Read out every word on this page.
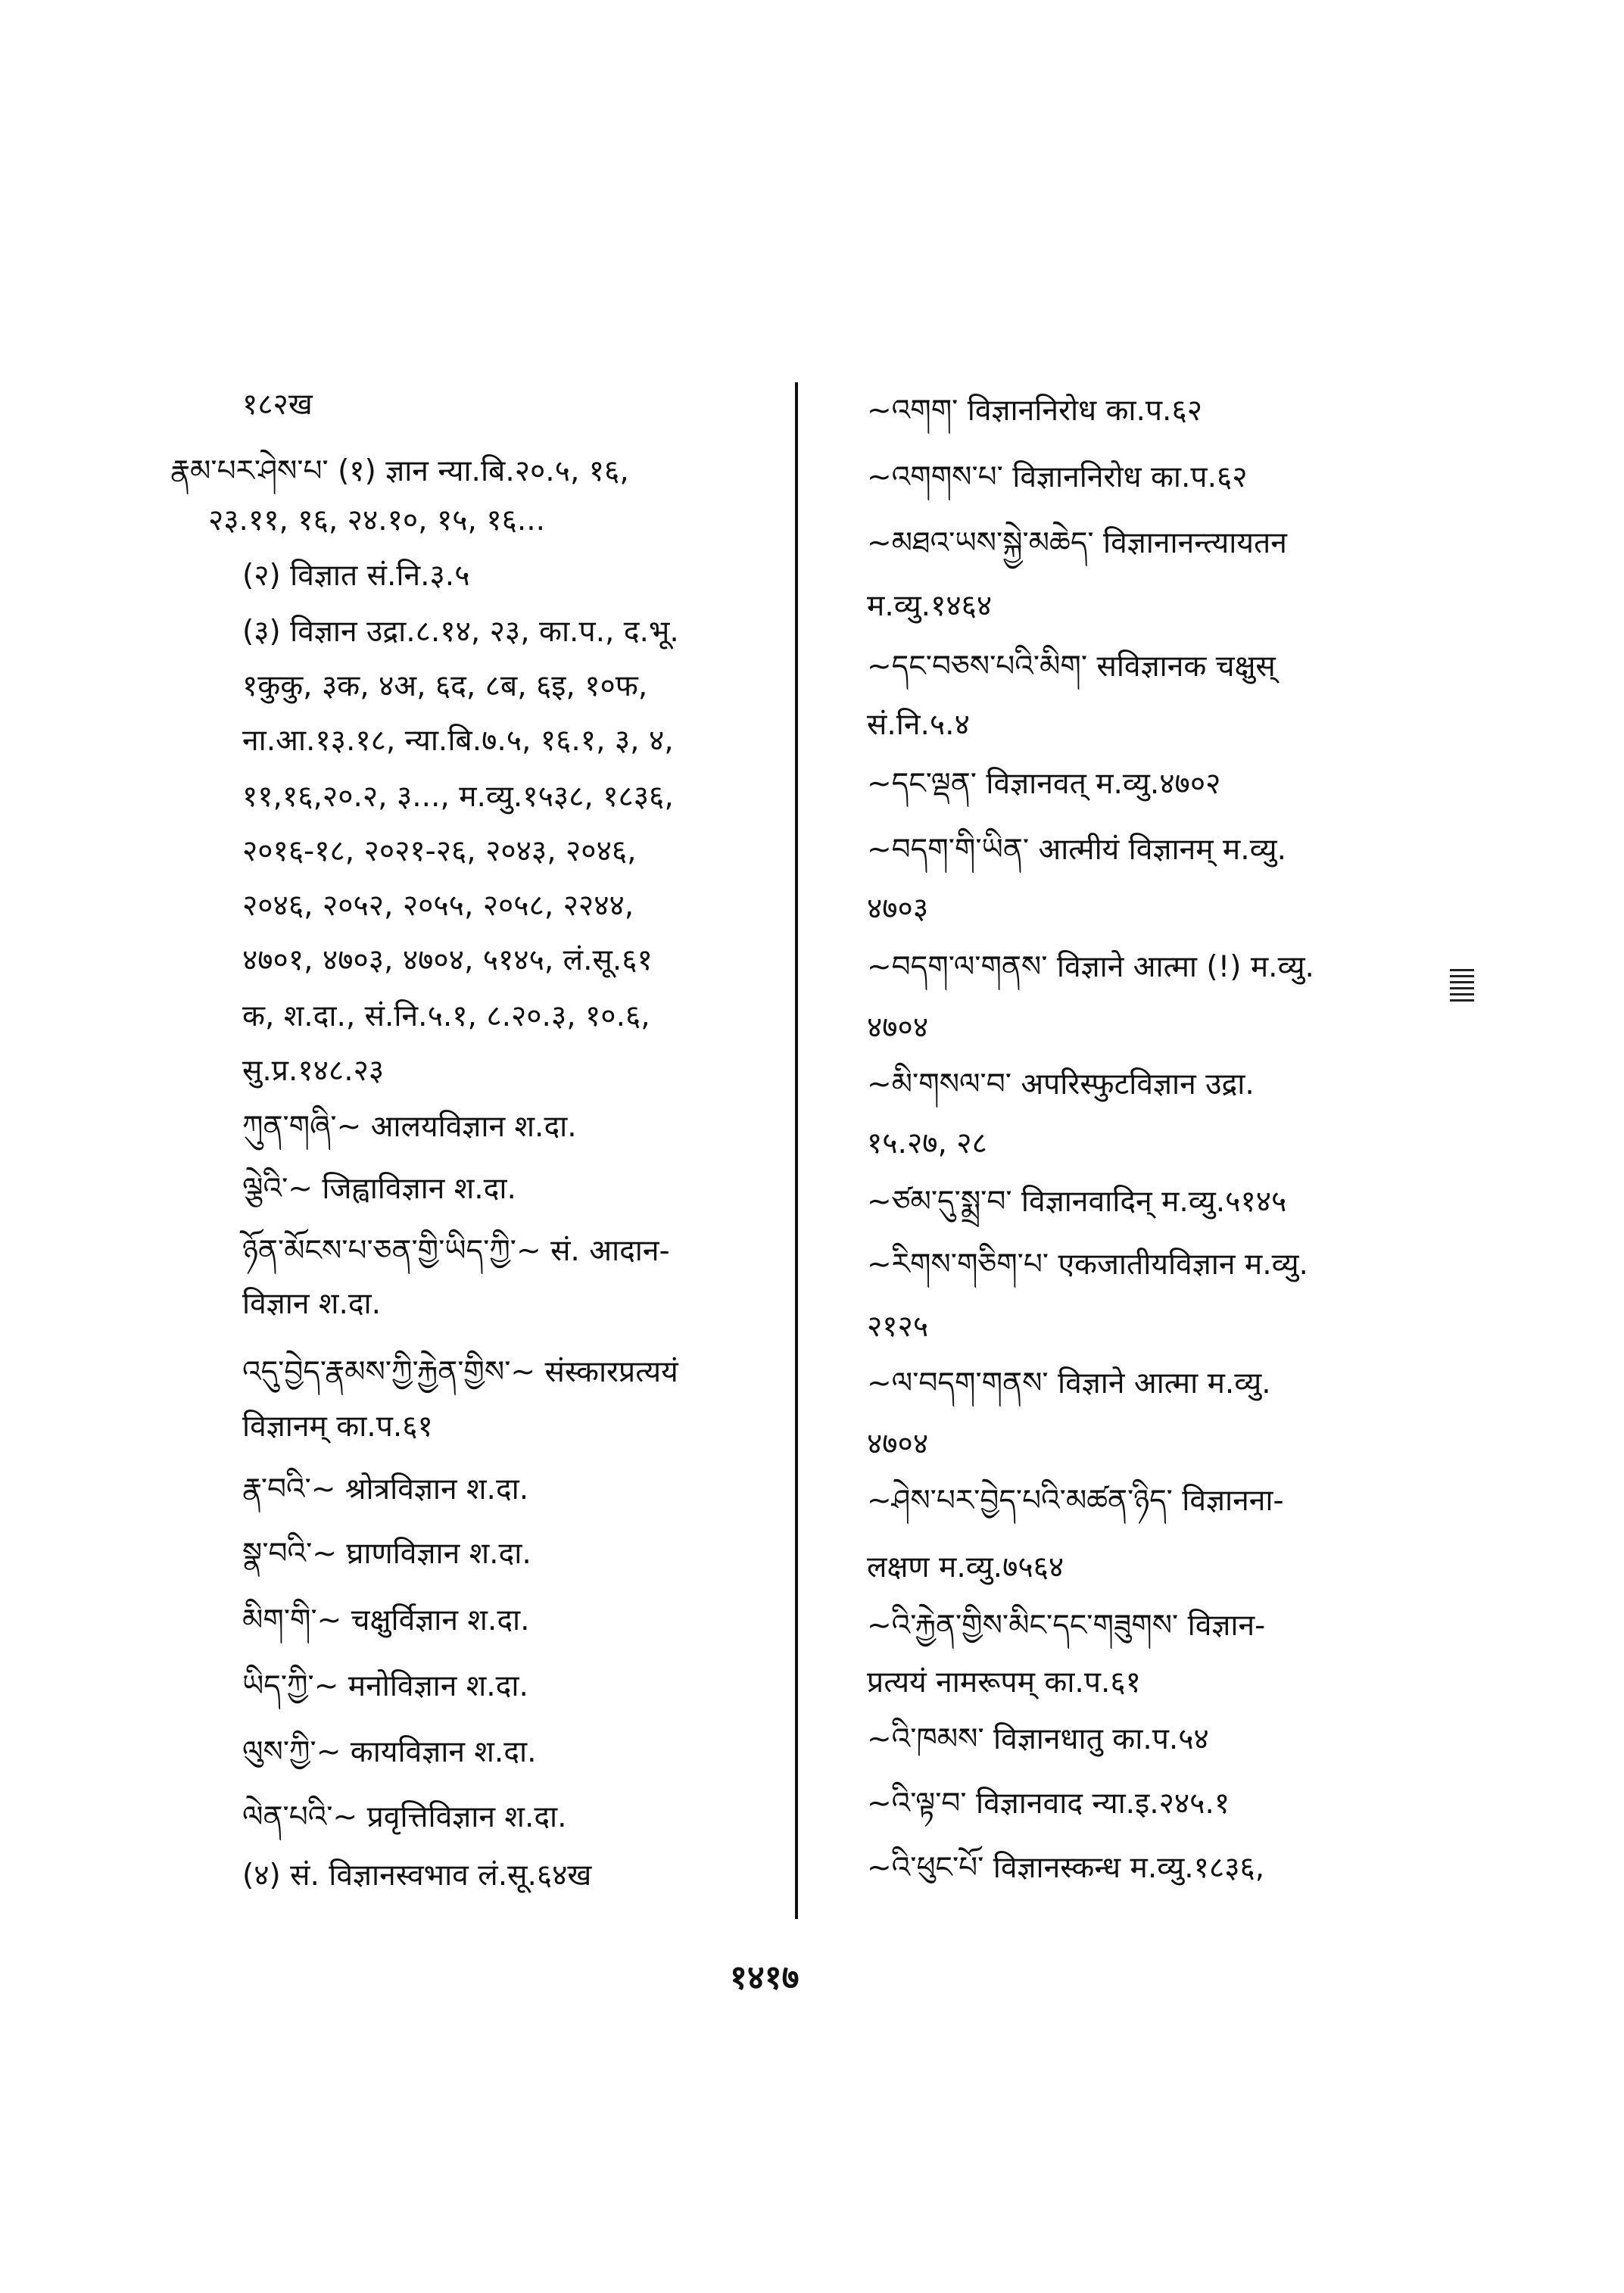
१८२ख
རྣམ་པར་ཤེས་པ་ (१) ज्ञान न्या.बि.२०.५, १६,
२३.११, १६, २४.१०, १५, १६...
(२) विज्ञात सं.नि.३.५
(३) विज्ञान उद्रा.८.१४, २३, का.प., द.भू.
१कुकु, ३क, ४अ, ६द, ८ब, ६इ, १०फ,
ना.आ.१३.१८, न्या.बि.७.५, १६.१, ३, ४,
११,१६,२०.२, ३..., म.व्यु.१५३८, १८३६,
२०१६-१८, २०२१-२६, २०४३, २०४६,
२०४६, २०५२, २०५५, २०५८, २२४४,
४७०१, ४७०३, ४७०४, ५१४५, लं.सू.६१
क, श.दा., सं.नि.५.१, ८.२०.३, १०.६,
सु.प्र.१४८.२३
ཀུན་གཞི་~ आलयविज्ञान श.दा.
ལྕེའི་~ जिह्वाविज्ञान श.दा.
ཉོན་མོངས་པ་ཅན་གྱི་ཡིད་ཀྱི་~ सं. आदान-
विज्ञान श.दा.
འདུ་བྱེད་རྣམས་ཀྱི་རྐྱེན་གྱིས་~ संस्कारप्रत्ययं
विज्ञानम् का.प.६१
རྣ་བའི་~ श्रोत्रविज्ञान श.दा.
སྣ་བའི་~ घ्राणविज्ञान श.दा.
མིག་གི་~ चक्षुर्विज्ञान श.दा.
ཡིད་ཀྱི་~ मनोविज्ञान श.दा.
ལུས་ཀྱི་~ कायविज्ञान श.दा.
ལེན་པའི་~ प्रवृत्तिविज्ञान श.दा.
(४) सं. विज्ञानस्वभाव लं.सू.६४ख
~འགག་ विज्ञाननिरोध का.प.६२
~འགགས་པ་ विज्ञाननिरोध का.प.६२
~མཐའ་ཡས་སྐྱེ་མཆེད་ विज्ञानानन्त्यायतन
म.व्यु.१४६४
~དང་བཅས་པའི་མིག་ सविज्ञानक चक्षुस्
सं.नि.५.४
~དང་ལྡན་ विज्ञानवत् म.व्यु.४७०२
~བདག་གི་ཡིན་ आत्मीयं विज्ञानम् म.व्यु.
४७०३
~བདག་ལ་གནས་ विज्ञाने आत्मा (!) म.व्यु.
४७०४
~མི་གསལ་བ་ अपरिस्फुटविज्ञान उद्रा.
१५.२७, २८
~ཙམ་དུ་སྨྲ་བ་ विज्ञानवादिन् म.व्यु.५१४५
~རིགས་གཅིག་པ་ एकजातीयविज्ञान म.व्यु.
२१२५
~ལ་བདག་གནས་ विज्ञाने आत्मा म.व्यु.
४७०४
~ཤེས་པར་བྱེད་པའི་མཚན་ཉིད་ विज्ञानना-
लक्षण म.व्यु.७५६४
~འི་རྐྱེན་གྱིས་མིང་དང་གཟུགས་ विज्ञान-
प्रत्ययं नामरूपम् का.प.६१
~འི་ཁམས་ विज्ञानधातु का.प.५४
~འི་ལྟ་བ་ विज्ञानवाद न्या.इ.२४५.१
~འི་ཕུང་པོ་ विज्ञानस्कन्ध म.व्यु.१८३६,
१४१७
